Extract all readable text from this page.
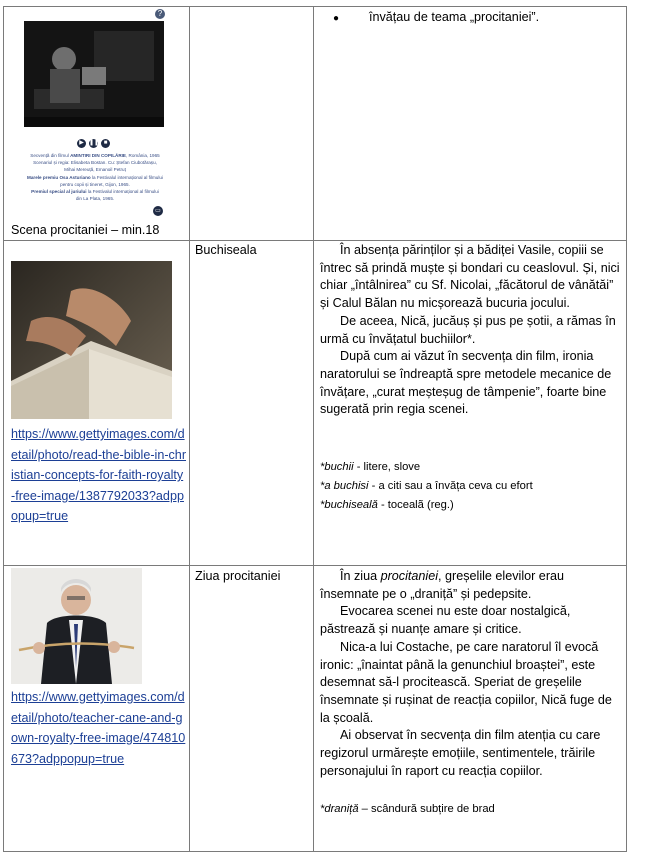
?
▶ ❚❚ ■
Secvență din filmul AMINTIRI DIN COPILĂRIE, România, 1965
Scenariul și regia: Elisabeta Bostan. Cu: Ștefan Ciubotărașu,
Mihai Mereuță, Emanoil Petruț
Marele premiu Osa Asturiano la Festivalul internațional al filmului
pentru copii și tineret, Gijon, 1965.
Premiul special al juriului la Festivalul internațional al filmului
din La Plata, 1965.
▭
Scena procitaniei – min.18
● învățau de teama „procitaniei”.
https://www.gettyimages.com/detail/photo/read-the-bible-in-christian-concepts-for-faith-royalty-free-image/1387792033?adppopup=true
Buchiseala	În absența părinților și a bădiței Vasile, copiii se întrec să prindă muște și bondari cu ceaslovul. Și, nici chiar „întâlnirea” cu Sf. Nicolai, „făcătorul de vânătăi” și Calul Bălan nu micșorează bucuria jocului.

De aceea, Nică, jucăuș și pus pe șotii, a rămas în urmă cu învățatul buchiilor*.

După cum ai văzut în secvența din film, ironia naratorului se îndreaptă spre metodele mecanice de învățare, „curat meșteșug de tâmpenie”, foarte bine sugerată prin regia scenei.

*buchii - litere, slove
*a buchisi - a citi sau a învăța ceva cu efort
*buchiseală - tocealã (reg.)
https://www.gettyimages.com/detail/photo/teacher-cane-and-gown-royalty-free-image/474810673?adppopup=true
Ziua procitaniei	În ziua procitaniei, greșelile elevilor erau însemnate pe o „draniță” și pedepsite.

Evocarea scenei nu este doar nostalgică, păstrează și nuanțe amare și critice.

Nica-a lui Costache, pe care naratorul îl evocă ironic: „înaintat până la genunchiul broaștei”, este desemnat să-l procitească. Speriat de greșelile însemnate și rușinat de reacția copiilor, Nică fuge de la școală.

Ai observat în secvența din film atenția cu care regizorul urmărește emoțiile, sentimentele, trăirile personajului în raport cu reacția copiilor.

*draniță – scândură subțire de brad
